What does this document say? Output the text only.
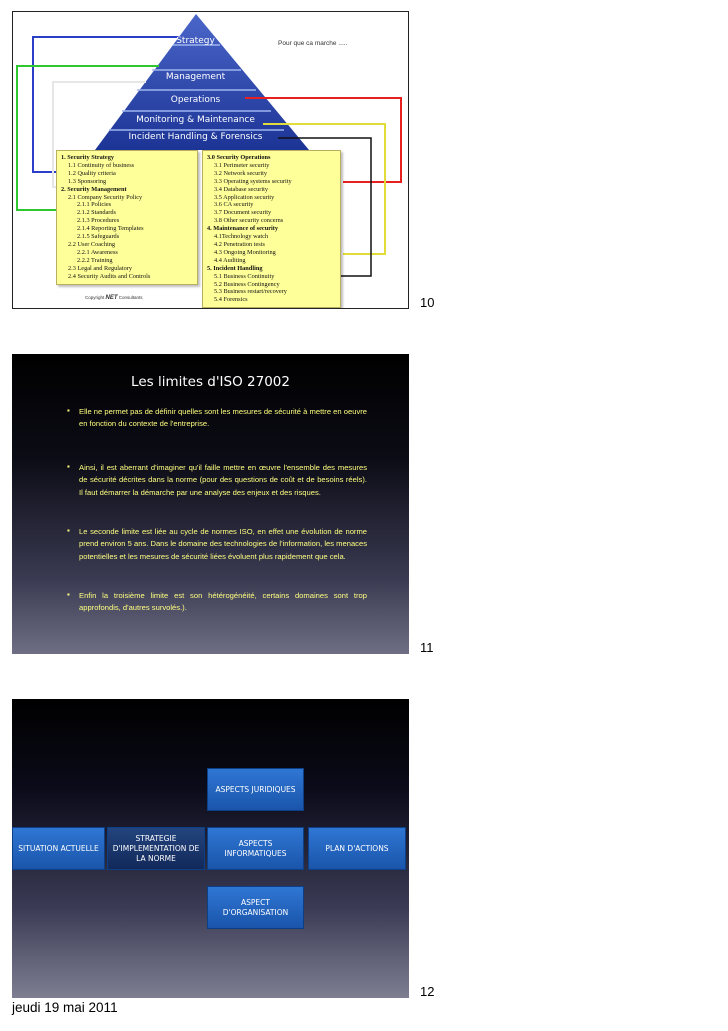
Strategy
Management
Operations
Monitoring & Maintenance
Incident Handling & Forensics
Pour que ca marche .....
1. Security Strategy
1.1 Continuity of business
1.2 Quality criteria
1.3 Sponsoring
2. Security Management
2.1 Company Security Policy
2.1.1 Policies
2.1.2 Standards
2.1.3 Procedures
2.1.4 Reporting Templates
2.1.5 Safeguards
2.2 User Coaching
2.2.1 Awareness
2.2.2 Training
2.3 Legal and Regulatory
2.4 Security Audits and Controls
3.0 Security Operations
3.1 Perimeter security
3.2 Network security
3.3 Operating systems security
3.4 Database security
3.5 Application security
3.6 CA security
3.7 Document security
3.8 Other security concerns
4. Maintenance of security
4.1Technology watch
4.2 Penetration tests
4.3 Ongoing Monitoring
4.4 Auditing
5. Incident Handling
5.1 Business Continuity
5.2 Business Contingency
5.3 Business restart/recovery
5.4 Forensics
Copyright NET Consultants	10
Les limites d'ISO 27002
▪ Elle ne permet pas de définir quelles sont les mesures de sécurité à mettre en oeuvre en fonction du contexte de l'entreprise.
▪ Ainsi, il est aberrant d'imaginer qu'il faille mettre en œuvre l'ensemble des mesures de sécurité décrites dans la norme (pour des questions de coût et de besoins réels). Il faut démarrer la démarche par une analyse des enjeux et des risques.
▪ Le seconde limite est liée au cycle de normes ISO, en effet une évolution de norme prend environ 5 ans. Dans le domaine des technologies de l'information, les menaces potentielles et les mesures de sécurité liées évoluent plus rapidement que cela.
▪ Enfin la troisième limite est son hétérogénéité, certains domaines sont trop approfondis, d'autres survolés.).
11
ASPECTS JURIDIQUES
SITUATION ACTUELLE
STRATEGIE D'IMPLEMENTATION DE LA NORME
ASPECTS INFORMATIQUES
PLAN D'ACTIONS
ASPECT D'ORGANISATION
12
jeudi 19 mai 2011
